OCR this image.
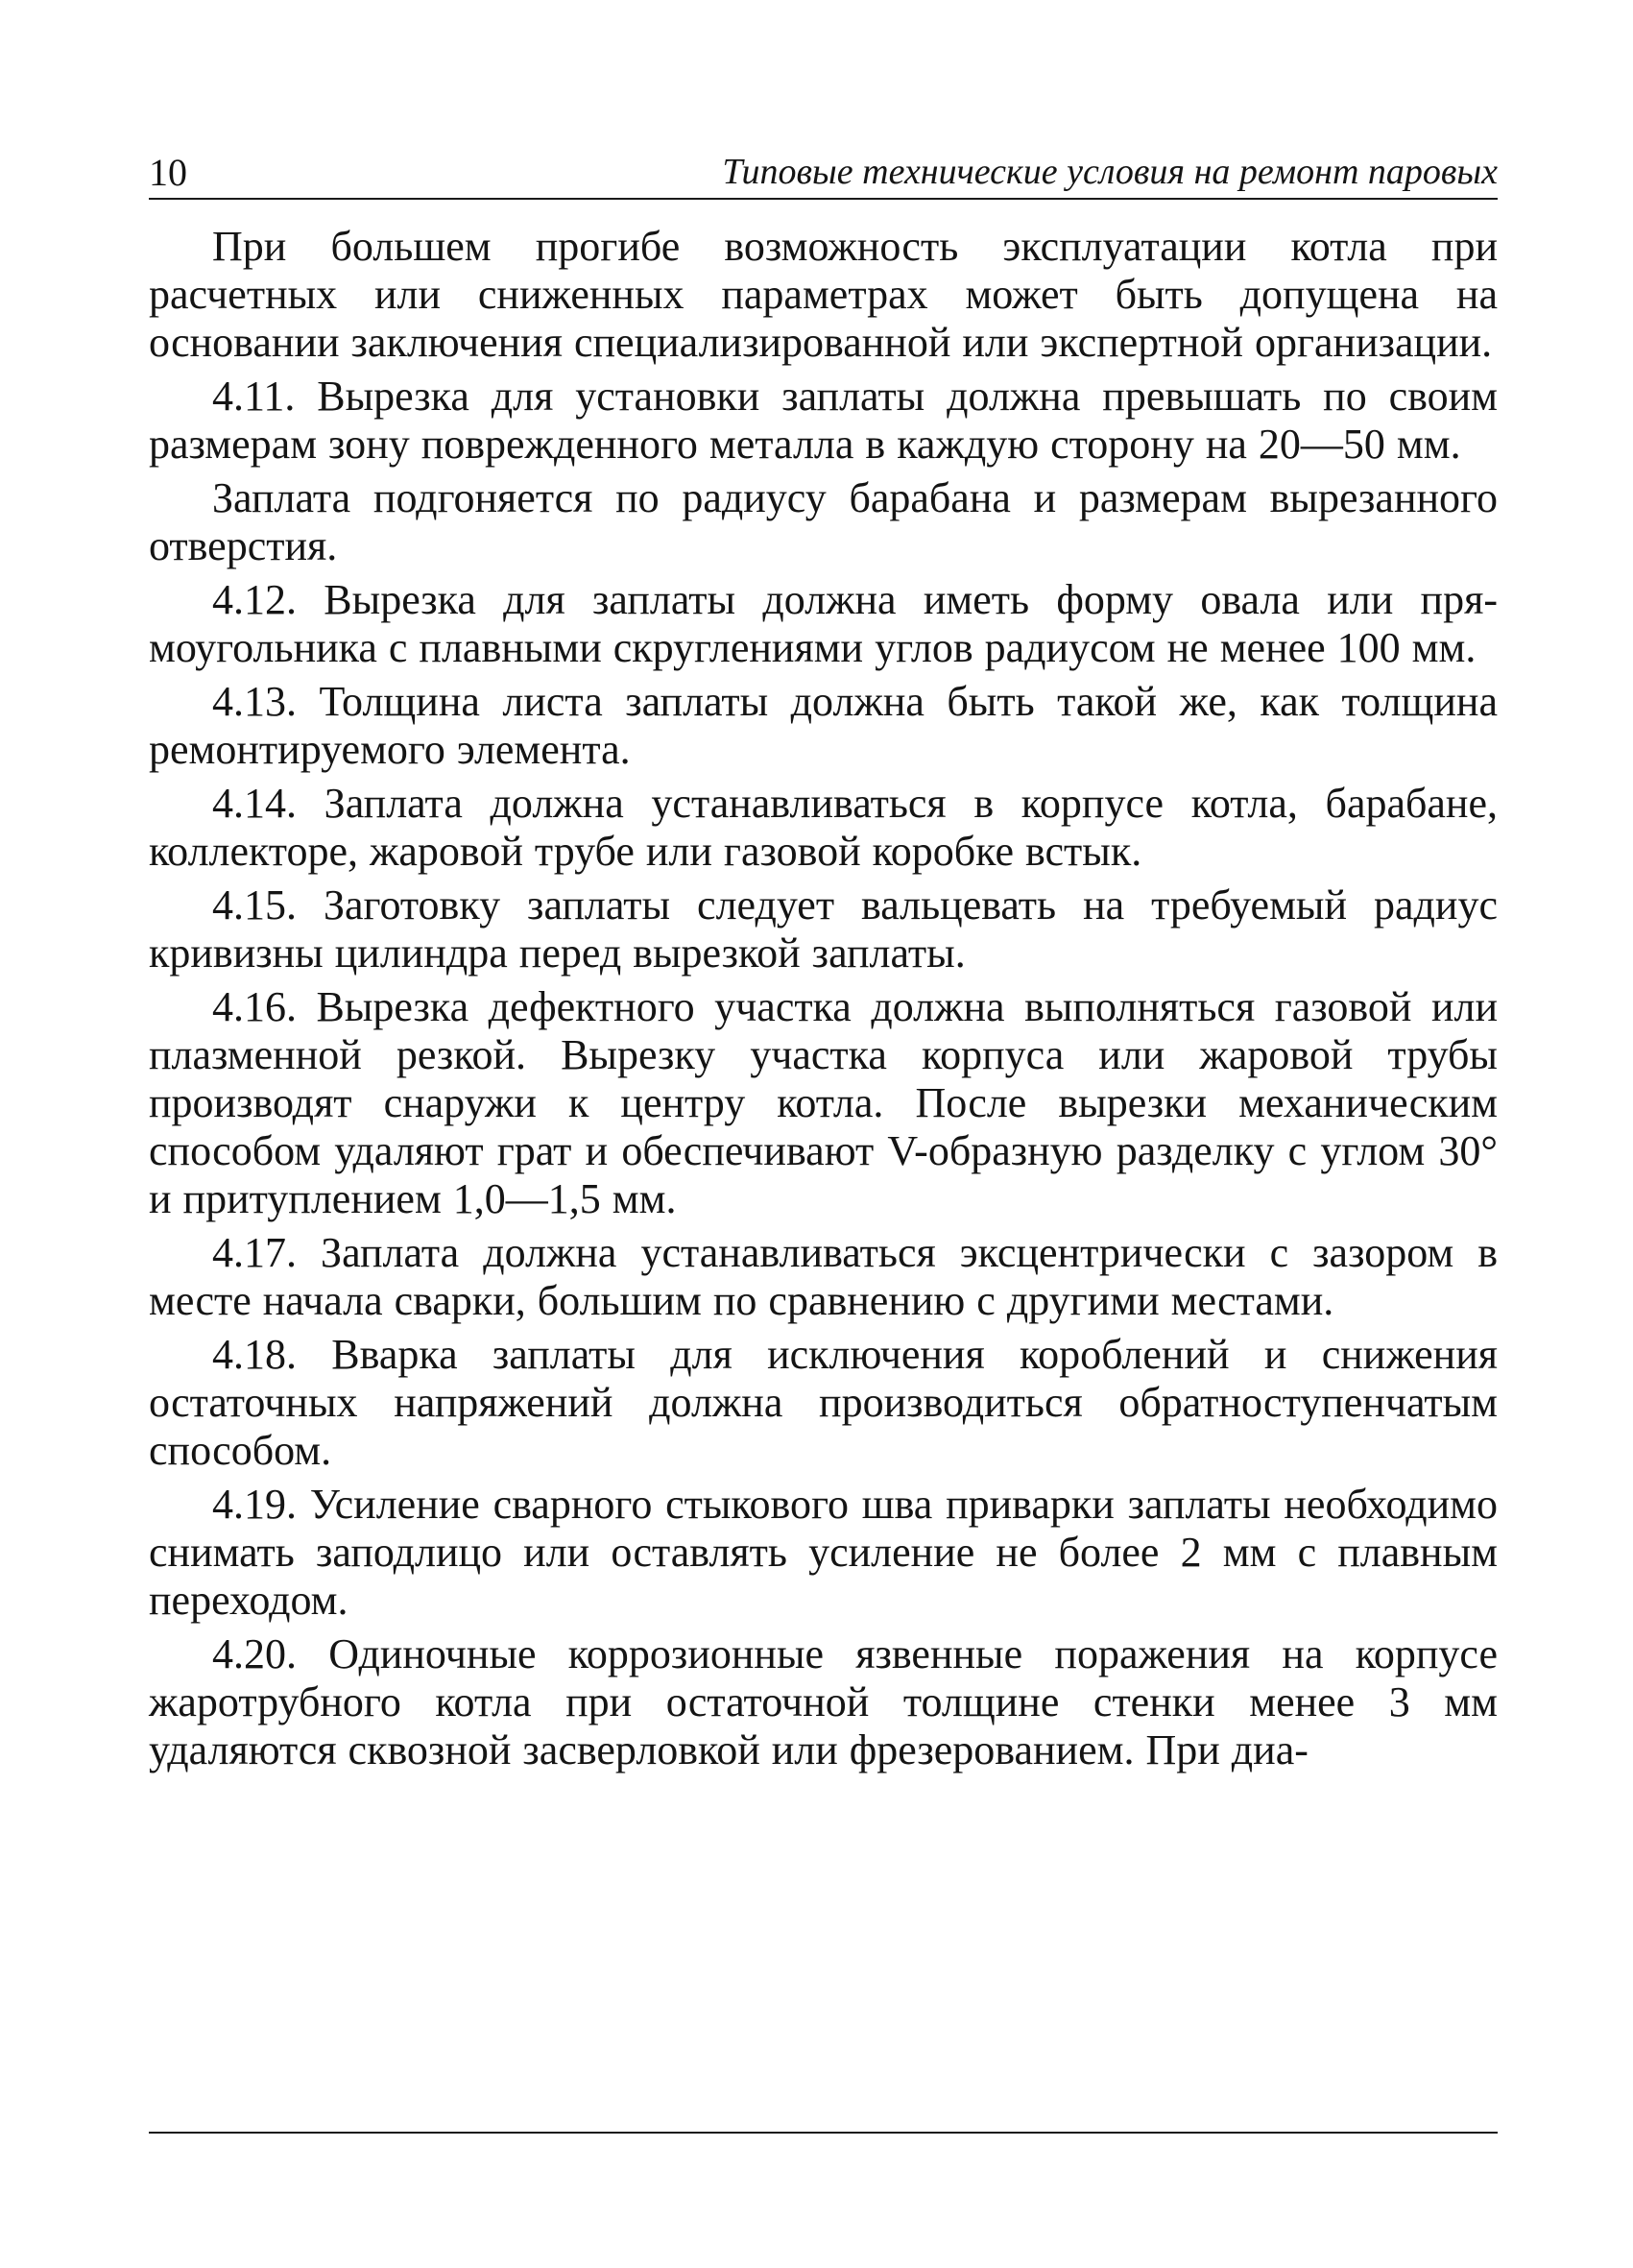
10	Типовые технические условия на ремонт паровых

При большем прогибе возможность эксплуатации котла при расчетных или сниженных параметрах может быть допущена на основании заключения специализированной или экспертной организации.

4.11. Вырезка для установки заплаты должна превышать по своим размерам зону поврежденного металла в каждую сторону на 20—50 мм.

Заплата подгоняется по радиусу барабана и размерам вырезанного отверстия.

4.12. Вырезка для заплаты должна иметь форму овала или прямоугольника с плавными скруглениями углов радиусом не менее 100 мм.

4.13. Толщина листа заплаты должна быть такой же, как толщина ремонтируемого элемента.

4.14. Заплата должна устанавливаться в корпусе котла, барабане, коллекторе, жаровой трубе или газовой коробке встык.

4.15. Заготовку заплаты следует вальцевать на требуемый радиус кривизны цилиндра перед вырезкой заплаты.

4.16. Вырезка дефектного участка должна выполняться газовой или плазменной резкой. Вырезку участка корпуса или жаровой трубы производят снаружи к центру котла. После вырезки механическим способом удаляют грат и обеспечивают V-образную разделку с углом 30° и притуплением 1,0—1,5 мм.

4.17. Заплата должна устанавливаться эксцентрически с зазором в месте начала сварки, большим по сравнению с другими местами.

4.18. Вварка заплаты для исключения короблений и снижения остаточных напряжений должна производиться обратноступенчатым способом.

4.19. Усиление сварного стыкового шва приварки заплаты необходимо снимать заподлицо или оставлять усиление не более 2 мм с плавным переходом.

4.20. Одиночные коррозионные язвенные поражения на корпусе жаротрубного котла при остаточной толщине стенки менее 3 мм удаляются сквозной засверловкой или фрезерованием. При диа-
